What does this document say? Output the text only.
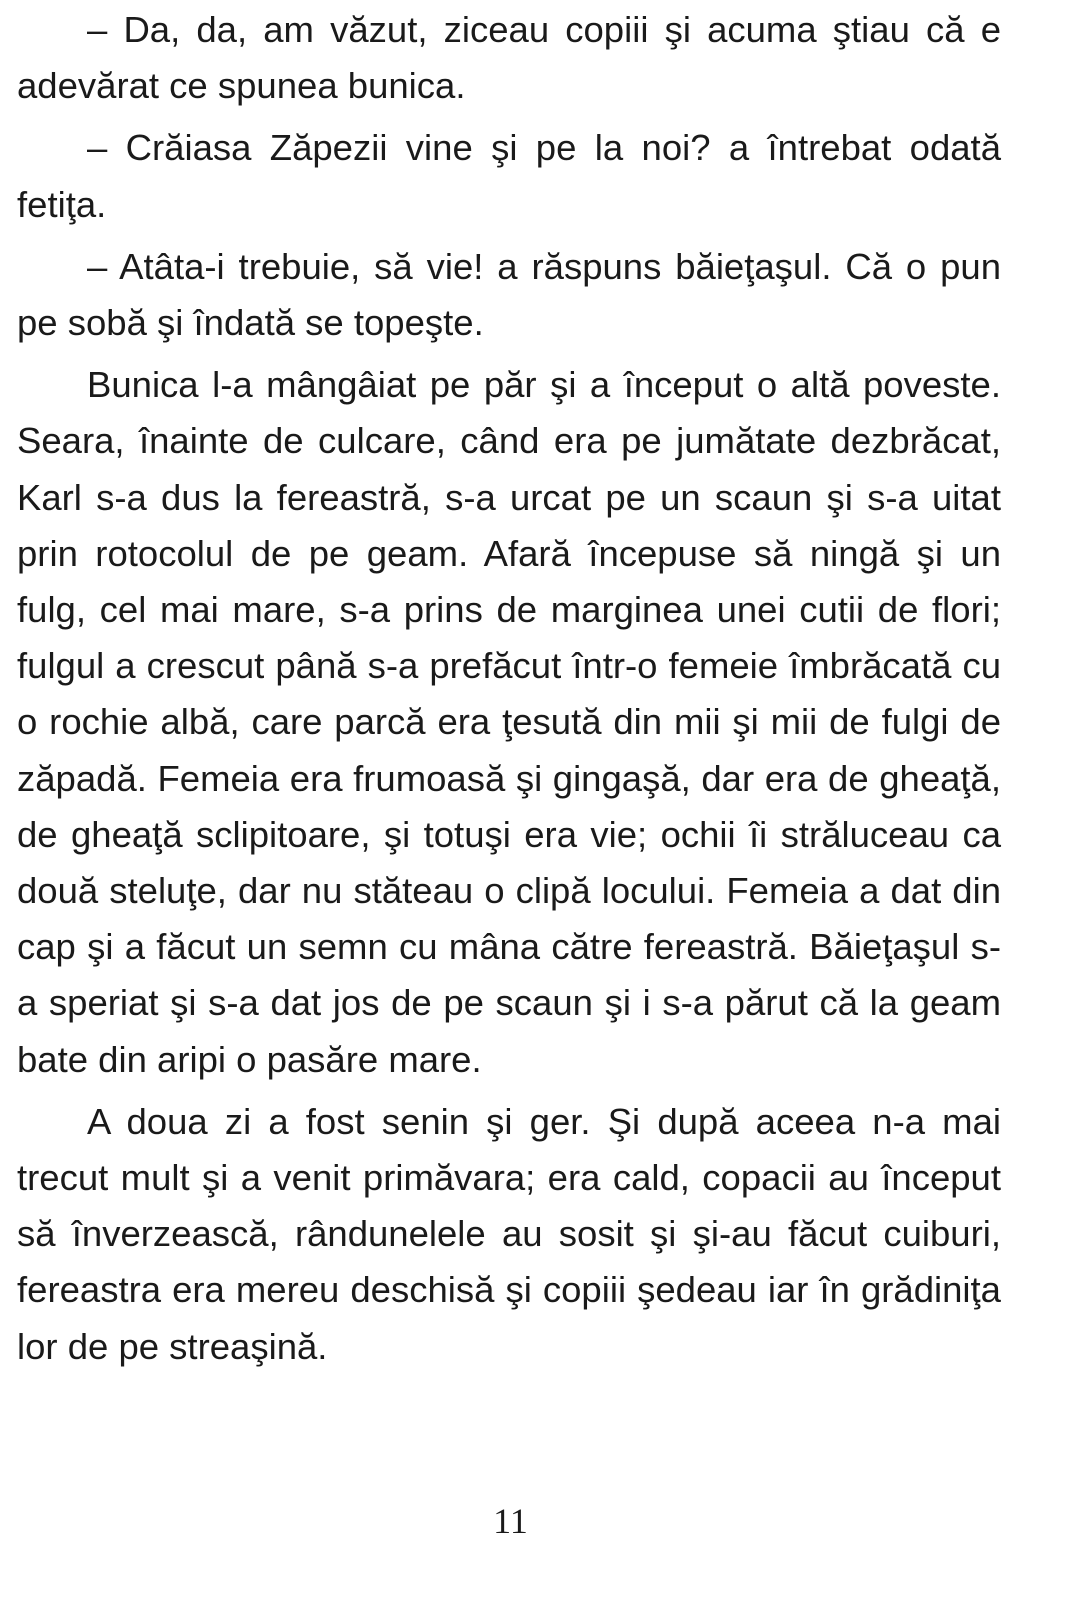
– Da, da, am văzut, ziceau copiii şi acuma ştiau că e adevărat ce spunea bunica.

– Crăiasa Zăpezii vine şi pe la noi? a întrebat odată fetiţa.

– Atâta-i trebuie, să vie! a răspuns băieţaşul. Că o pun pe sobă şi îndată se topeşte.

Bunica l-a mângâiat pe păr şi a început o altă poveste. Seara, înainte de culcare, când era pe jumătate dezbrăcat, Karl s-a dus la fereastră, s-a urcat pe un scaun şi s-a uitat prin rotocolul de pe geam. Afară începuse să ningă şi un fulg, cel mai mare, s-a prins de marginea unei cutii de flori; fulgul a crescut până s-a prefăcut într-o femeie îmbrăcată cu o rochie albă, care parcă era ţesută din mii şi mii de fulgi de zăpadă. Femeia era frumoasă şi gingaşă, dar era de gheaţă, de gheaţă sclipitoare, şi totuşi era vie; ochii îi străluceau ca două steluţe, dar nu stăteau o clipă locului. Femeia a dat din cap şi a făcut un semn cu mâna către fereastră. Băieţaşul s-a speriat şi s-a dat jos de pe scaun şi i s-a părut că la geam bate din aripi o pasăre mare.

A doua zi a fost senin şi ger. Şi după aceea n-a mai trecut mult şi a venit primăvara; era cald, copacii au început să înverzească, rândunelele au sosit şi şi-au făcut cuiburi, fereastra era mereu deschisă şi copiii şedeau iar în grădiniţa lor de pe streaşină.

11
